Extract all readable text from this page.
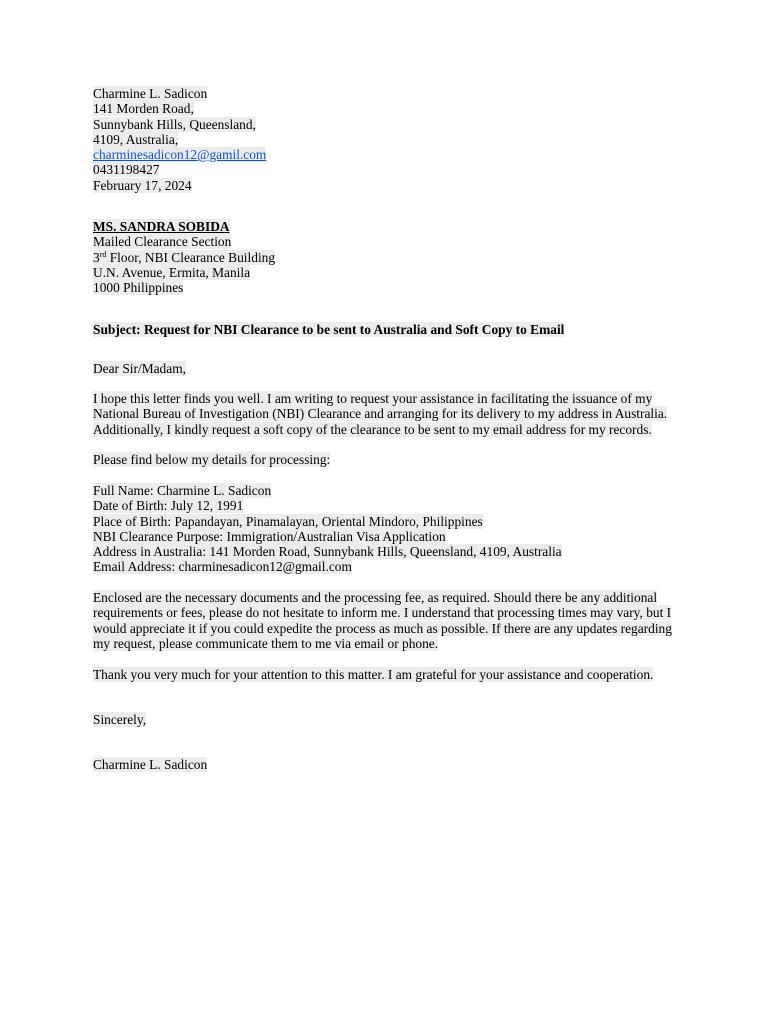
Charmine L. Sadicon
141 Morden Road,
Sunnybank Hills, Queensland,
4109, Australia,
charminesadicon12@gamil.com
0431198427
February 17, 2024
MS. SANDRA SOBIDA
Mailed Clearance Section
3rd Floor, NBI Clearance Building
U.N. Avenue, Ermita, Manila
1000 Philippines
Subject: Request for NBI Clearance to be sent to Australia and Soft Copy to Email
Dear Sir/Madam,

I hope this letter finds you well. I am writing to request your assistance in facilitating the issuance of my National Bureau of Investigation (NBI) Clearance and arranging for its delivery to my address in Australia. Additionally, I kindly request a soft copy of the clearance to be sent to my email address for my records.

Please find below my details for processing:
Full Name: Charmine L. Sadicon
Date of Birth: July 12, 1991
Place of Birth: Papandayan, Pinamalayan, Oriental Mindoro, Philippines
NBI Clearance Purpose: Immigration/Australian Visa Application
Address in Australia: 141 Morden Road, Sunnybank Hills, Queensland, 4109, Australia
Email Address: charminesadicon12@gmail.com

Enclosed are the necessary documents and the processing fee, as required. Should there be any additional requirements or fees, please do not hesitate to inform me. I understand that processing times may vary, but I would appreciate it if you could expedite the process as much as possible. If there are any updates regarding my request, please communicate them to me via email or phone.

Thank you very much for your attention to this matter. I am grateful for your assistance and cooperation.

Sincerely,
Charmine L. Sadicon
